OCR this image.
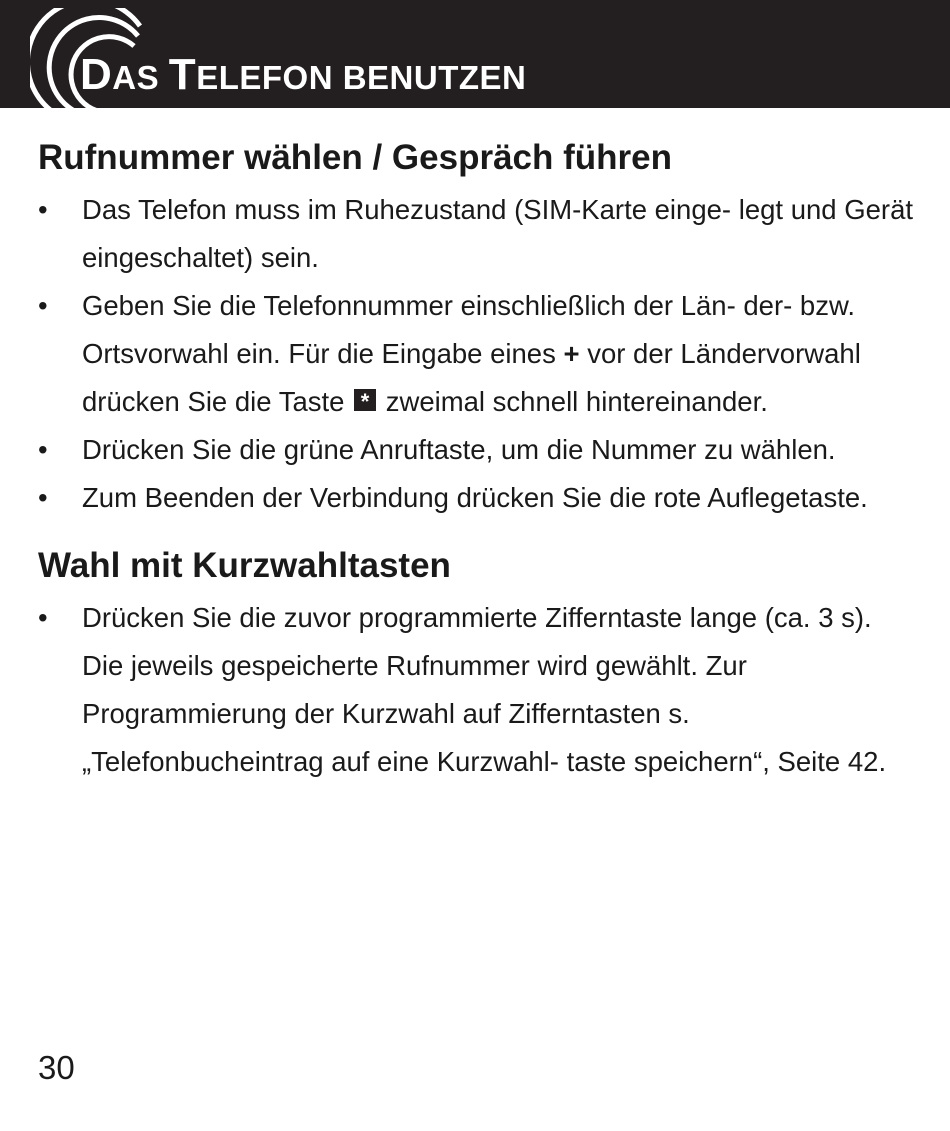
DAS TELEFON BENUTZEN
Rufnummer wählen / Gespräch führen
• Das Telefon muss im Ruhezustand (SIM-Karte einge- legt und Gerät eingeschaltet) sein.
• Geben Sie die Telefonnummer einschließlich der Län- der- bzw. Ortsvorwahl ein. Für die Eingabe eines + vor der Ländervorwahl drücken Sie die Taste * zweimal schnell hintereinander.
• Drücken Sie die grüne Anruftaste, um die Nummer zu wählen.
• Zum Beenden der Verbindung drücken Sie die rote Auflegetaste.
Wahl mit Kurzwahltasten
• Drücken Sie die zuvor programmierte Zifferntaste lange (ca. 3 s). Die jeweils gespeicherte Rufnummer wird gewählt. Zur Programmierung der Kurzwahl auf Zifferntasten s. „Telefonbucheintrag auf eine Kurzwahl- taste speichern“, Seite 42.
30
